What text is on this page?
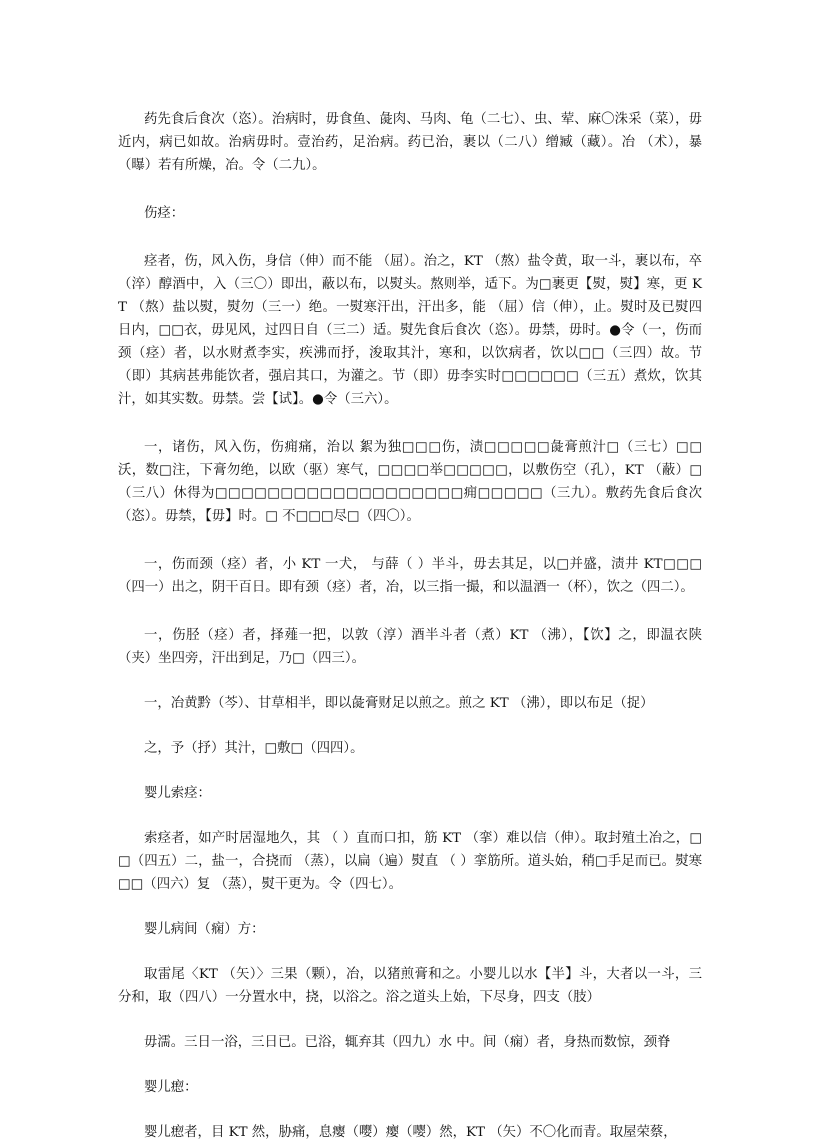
药先食后食次（恣）。治病时，毋食鱼、彘肉、马肉、龟（二七）、虫、荤、麻〇洙采（菜），毋近内，病已如故。治病毋时。壹治药，足治病。药已治，裹以（二八）缯臧（藏）。冶 （术），暴（曝）若有所燥，冶。令（二九）。

伤痉：

痉者，伤，风入伤，身信（伸）而不能 （屈）。治之，KT （熬）盐令黄，取一斗，裹以布，卒（淬）醇酒中，入（三〇）即出，蔽以布，以熨头。熬则举，适下。为□裹更【熨，熨】寒，更 KT （熬）盐以熨，熨勿（三一）绝。一熨寒汗出，汗出多，能 （屈）信（伸），止。熨时及已熨四日内，□□衣，毋见风，过四日自（三二）适。熨先食后食次（恣）。毋禁，毋时。●令（一，伤而颈（痉）者，以水财煮李实，疾沸而抒，浚取其汁，寒和，以饮病者，饮以□□（三四）故。节（即）其病甚弗能饮者，强启其口，为灌之。节（即）毋李实时□□□□□□（三五）煮炊，饮其汁，如其实数。毋禁。尝【试】。●令（三六）。

一，诸伤，风入伤，伤痈痛，治以 絮为独□□□伤，渍□□□□□彘膏煎汁□（三七）□□沃，数□注，下膏勿绝，以欧（驱）寒气，□□□□举□□□□□，以敷伤空（孔），KT （蔽）□（三八）休得为□□□□□□□□□□□□□□□□□□□痈□□□□□（三九）。敷药先食后食次（恣）。毋禁，【毋】时。□ 不□□□尽□（四〇）。

一，伤而颈（痉）者，小 KT 一犬， 与薛（ ）半斗，毋去其足，以□并盛，渍井 KT□□□（四一）出之，阴干百日。即有颈（痉）者，冶，以三指一撮，和以温酒一（杯），饮之（四二）。

一，伤胫（痉）者，择薤一把，以敦（淳）酒半斗者（煮）KT （沸），【饮】之，即温衣陕（夹）坐四旁，汗出到足，乃□（四三）。

一，冶黄黔（芩）、甘草相半，即以彘膏财足以煎之。煎之 KT （沸），即以布足（捉）

之，予（抒）其汁，□敷□（四四）。

婴儿索痉：

索痉者，如产时居湿地久，其 （ ）直而口扣，筋 KT （挛）难以信（伸）。取封殖土冶之，□□（四五）二，盐一，合挠而 （蒸），以扁（遍）熨直 （ ）挛筋所。道头始，稍□手足而已。熨寒□□（四六）复 （蒸），熨干更为。令（四七）。

婴儿病间（痫）方：

取雷尾〈KT （矢）〉三果（颗），冶，以猪煎膏和之。小婴儿以水【半】斗，大者以一斗，三分和，取（四八）一分置水中，挠，以浴之。浴之道头上始，下尽身，四支（肢）

毋濡。三日一浴，三日已。已浴，辄弃其（四九）水 中。间（痫）者，身热而数惊，颈脊

婴儿瘛：

婴儿瘛者，目 KT 然，胁痛，息瘿（嘤）瘿（嘤）然，KT （矢）不〇化而青。取屋荣蔡，
